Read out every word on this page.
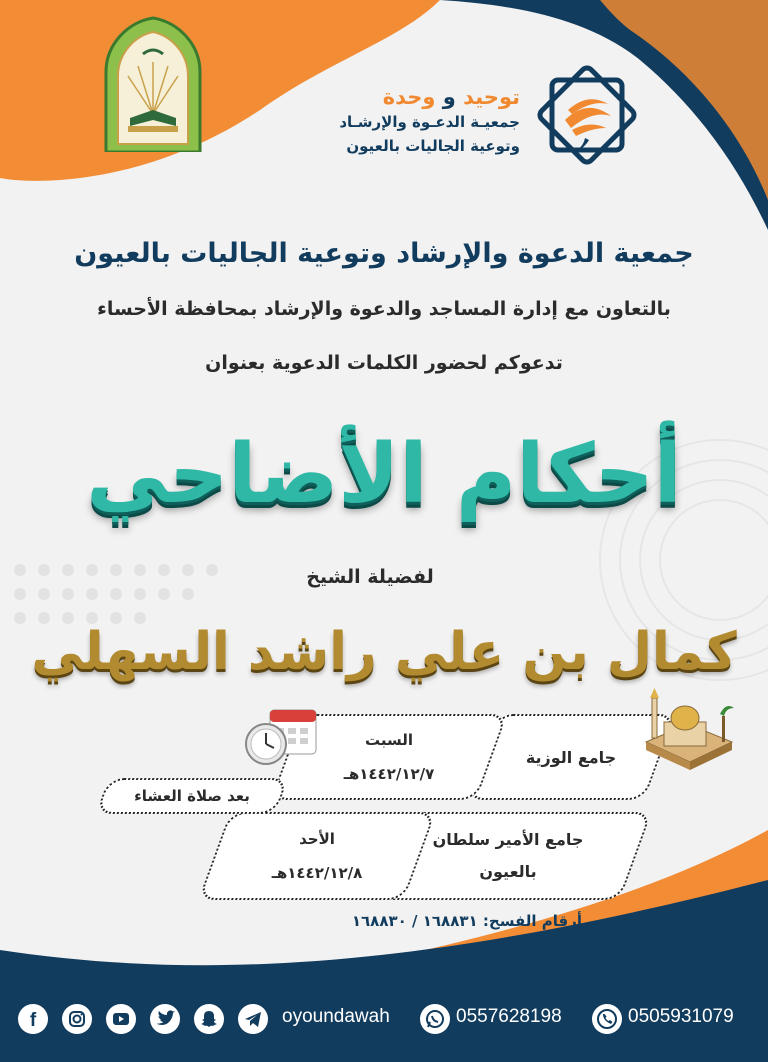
توحيد و وحدة
جمعيـة الدعـوة والإرشـاد
وتوعية الجاليات بالعيون
جمعية الدعوة والإرشاد وتوعية الجاليات بالعيون
بالتعاون مع إدارة المساجد والدعوة والإرشاد بمحافظة الأحساء
تدعوكم لحضور الكلمات الدعوية بعنوان
أحكام الأضاحي
لفضيلة الشيخ
كمال بن علي راشد السهلي
جامع الوزية
السبت
١٤٤٢/١٢/٧هـ
جامع الأمير سلطان
بالعيون
الأحد
١٤٤٢/١٢/٨هـ
بعد صلاة العشاء
أرقام الفسح: ١٦٨٨٣١ / ١٦٨٨٣٠
f	oyoundawah	0557628198	0505931079
